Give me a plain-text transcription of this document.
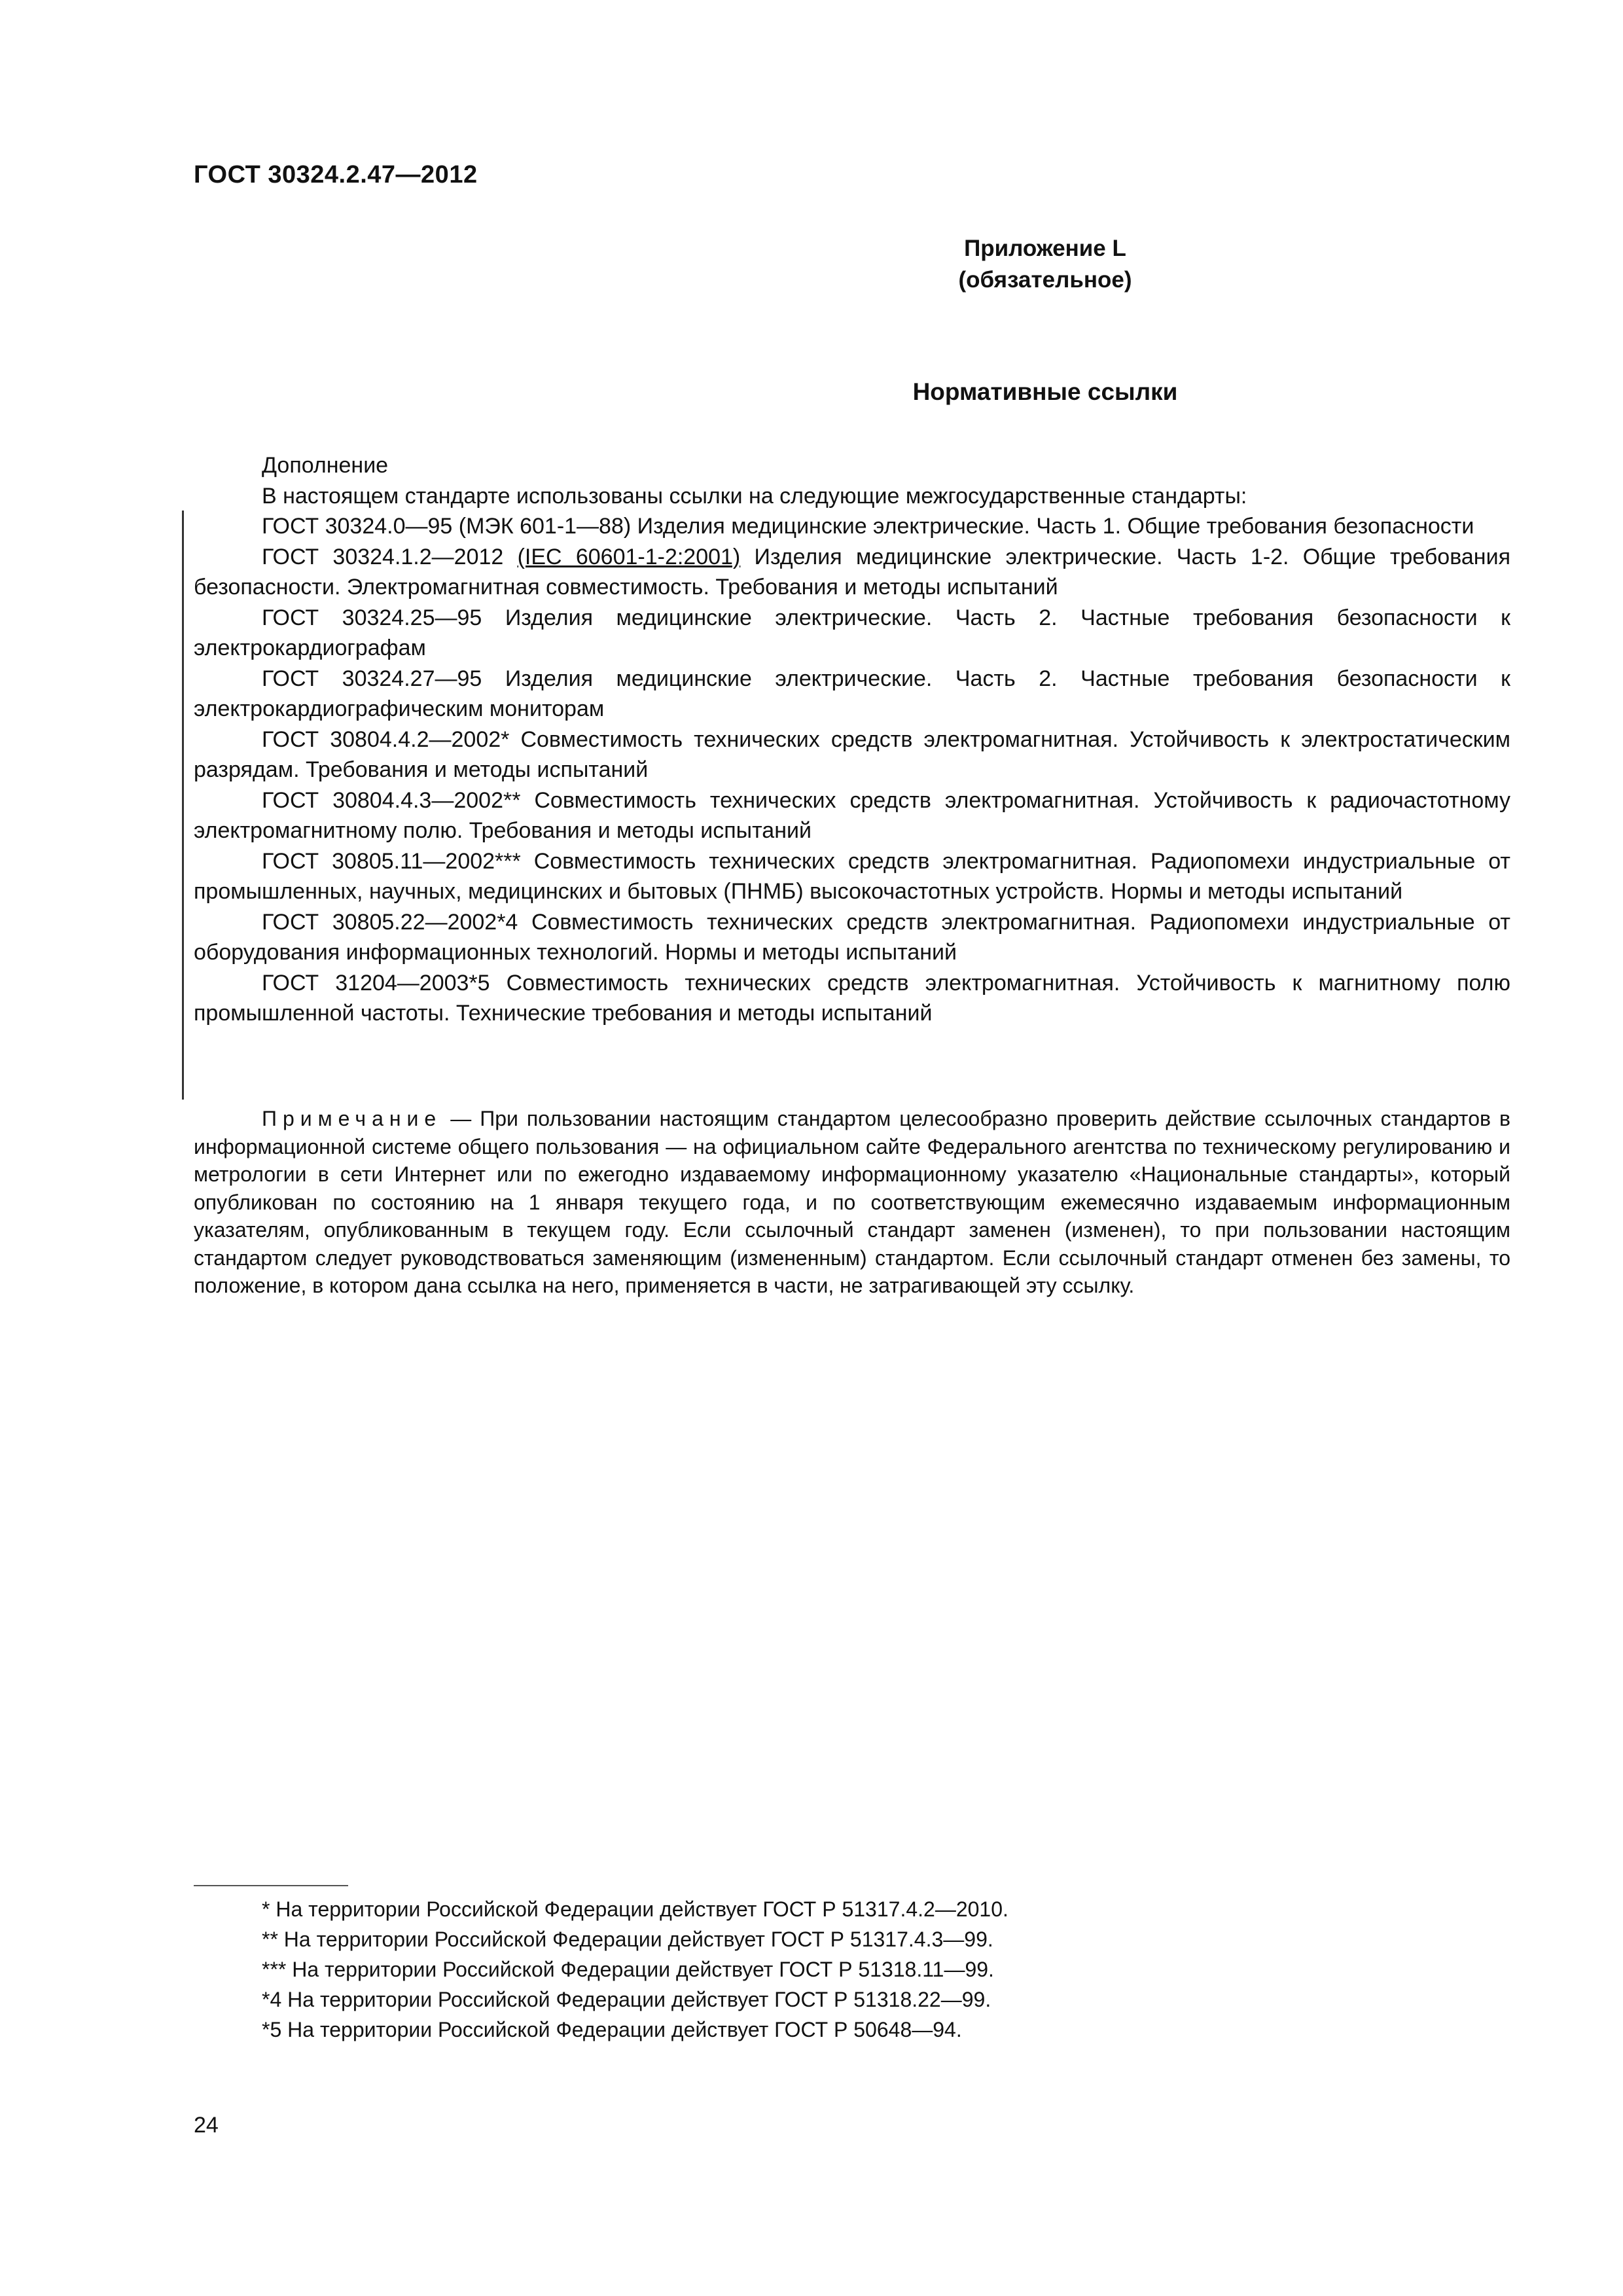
ГОСТ 30324.2.47—2012
Приложение L
(обязательное)
Нормативные ссылки

Дополнение

В настоящем стандарте использованы ссылки на следующие межгосударственные стандарты:

ГОСТ 30324.0—95 (МЭК 601-1—88) Изделия медицинские электрические. Часть 1. Общие требования безопасности

ГОСТ 30324.1.2—2012 (IEC 60601-1-2:2001) Изделия медицинские электрические. Часть 1-2. Общие требования безопасности. Электромагнитная совместимость. Требования и методы испытаний

ГОСТ 30324.25—95 Изделия медицинские электрические. Часть 2. Частные требования безопасности к электрокардиографам

ГОСТ 30324.27—95 Изделия медицинские электрические. Часть 2. Частные требования безопасности к электрокардиографическим мониторам

ГОСТ 30804.4.2—2002* Совместимость технических средств электромагнитная. Устойчивость к электростатическим разрядам. Требования и методы испытаний

ГОСТ 30804.4.3—2002** Совместимость технических средств электромагнитная. Устойчивость к радиочастотному электромагнитному полю. Требования и методы испытаний

ГОСТ 30805.11—2002*** Совместимость технических средств электромагнитная. Радиопомехи индустриальные от промышленных, научных, медицинских и бытовых (ПНМБ) высокочастотных устройств. Нормы и методы испытаний

ГОСТ 30805.22—2002*4 Совместимость технических средств электромагнитная. Радиопомехи индустриальные от оборудования информационных технологий. Нормы и методы испытаний

ГОСТ 31204—2003*5 Совместимость технических средств электромагнитная. Устойчивость к магнитному полю промышленной частоты. Технические требования и методы испытаний

Примечание — При пользовании настоящим стандартом целесообразно проверить действие ссылочных стандартов в информационной системе общего пользования — на официальном сайте Федерального агентства по техническому регулированию и метрологии в сети Интернет или по ежегодно издаваемому информационному указателю «Национальные стандарты», который опубликован по состоянию на 1 января текущего года, и по соответствующим ежемесячно издаваемым информационным указателям, опубликованным в текущем году. Если ссылочный стандарт заменен (изменен), то при пользовании настоящим стандартом следует руководствоваться заменяющим (измененным) стандартом. Если ссылочный стандарт отменен без замены, то положение, в котором дана ссылка на него, применяется в части, не затрагивающей эту ссылку.
* На территории Российской Федерации действует ГОСТ Р 51317.4.2—2010.
** На территории Российской Федерации действует ГОСТ Р 51317.4.3—99.
*** На территории Российской Федерации действует ГОСТ Р 51318.11—99.
*4 На территории Российской Федерации действует ГОСТ Р 51318.22—99.
*5 На территории Российской Федерации действует ГОСТ Р 50648—94.
24
